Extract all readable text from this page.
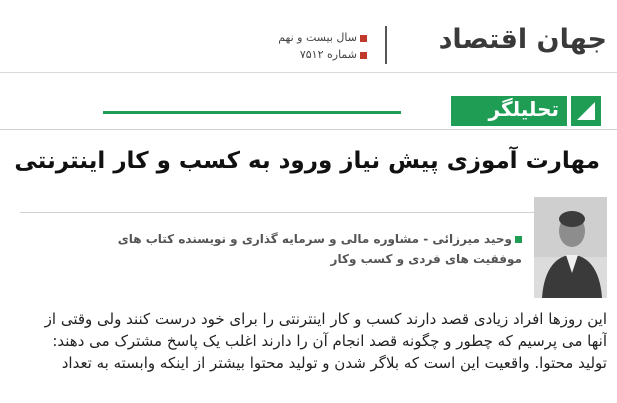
جهان اقتصاد
سال بیست و نهم
شماره ۷۵۱۲
تحلیلگر
مهارت آموزی پیش نیاز ورود به کسب و کار اینترنتی
وحید میرزائی - مشاوره مالی و سرمایه گذاری و نویسنده کتاب های
موفقیت های فردی و کسب وکار

این روزها افراد زیادی قصد دارند کسب و کار اینترنتی را برای خود درست کنند ولی وقتی از

آنها می پرسیم که چطور و چگونه قصد انجام آن را دارند اغلب یک پاسخ مشترک می دهند:

تولید محتوا. واقعیت این است که بلاگر شدن و تولید محتوا بیشتر از اینکه وابسته به تعداد
